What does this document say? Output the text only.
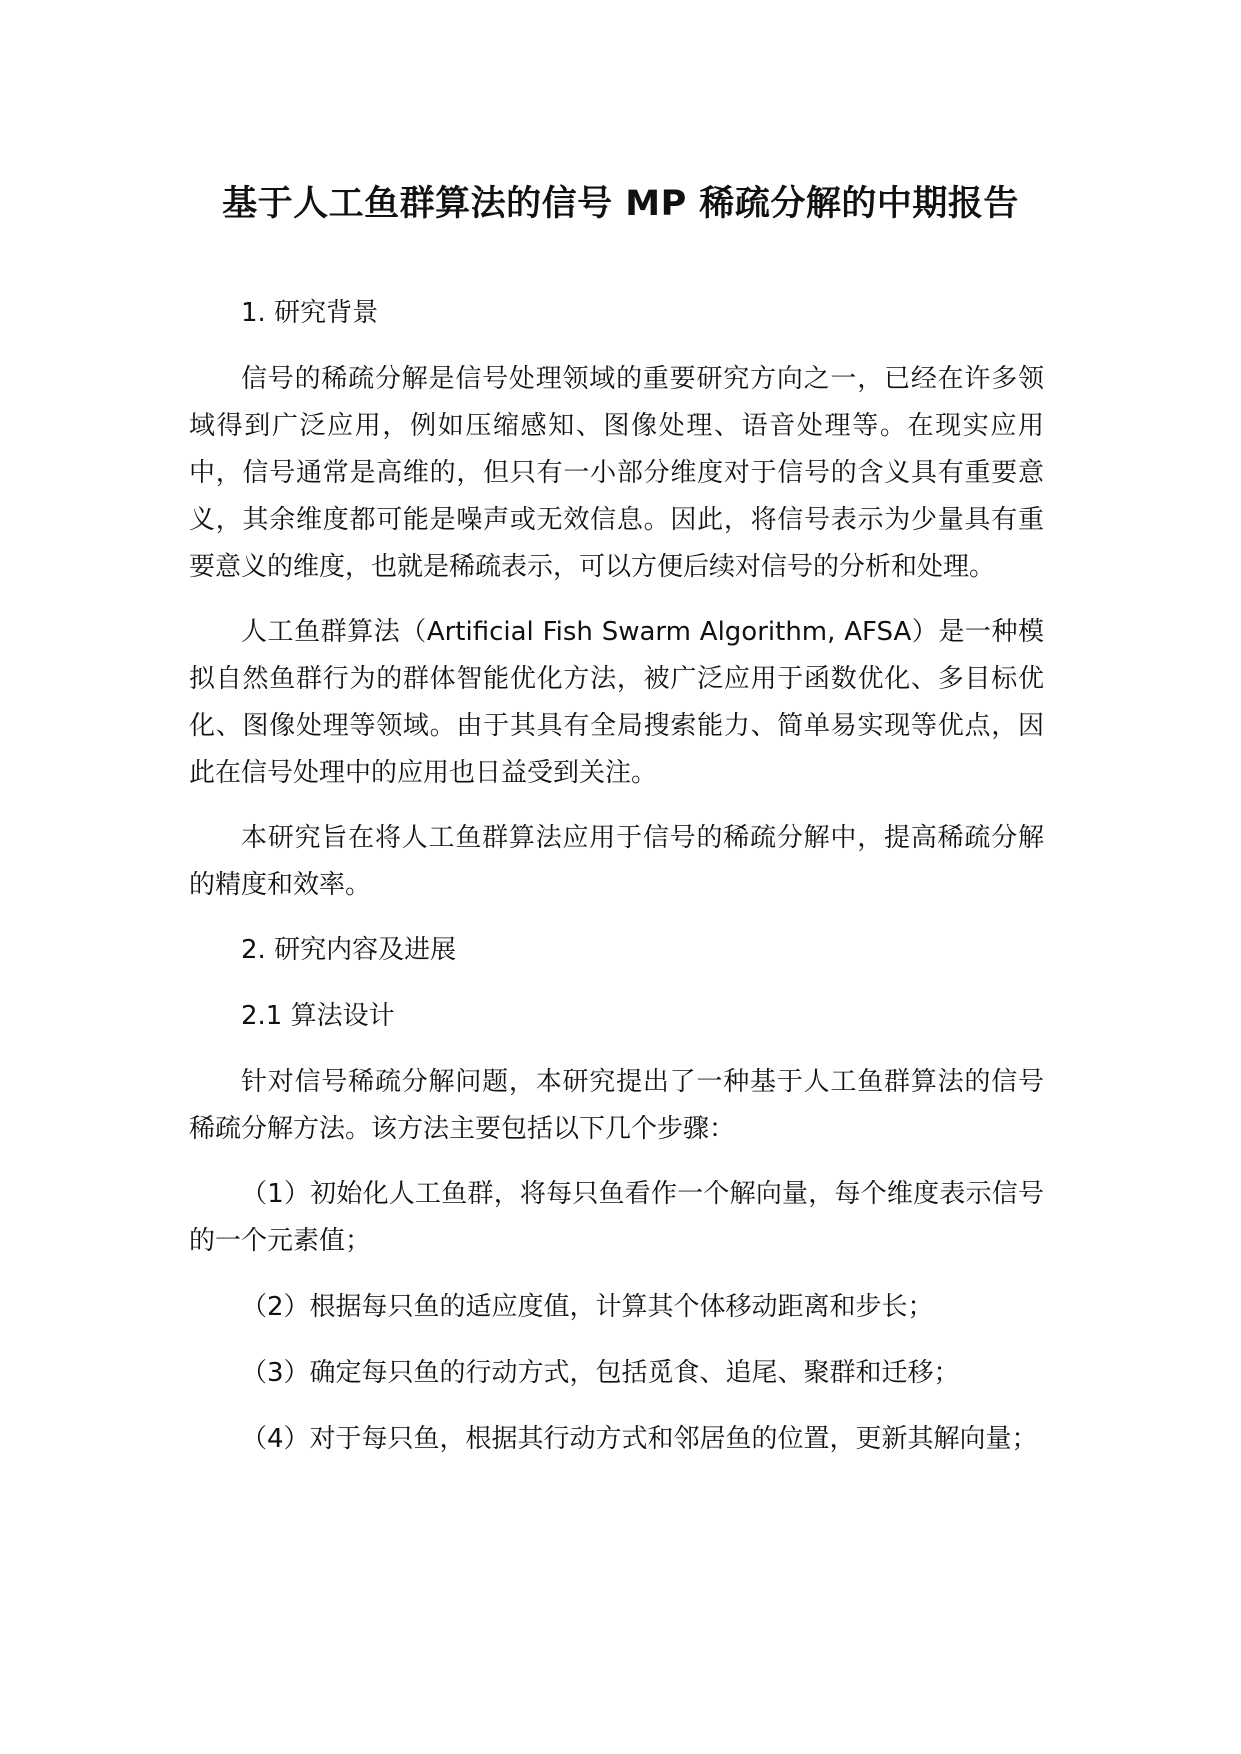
基于人工鱼群算法的信号 MP 稀疏分解的中期报告

1. 研究背景

信号的稀疏分解是信号处理领域的重要研究方向之一，已经在许多领域得到广泛应用，例如压缩感知、图像处理、语音处理等。在现实应用中，信号通常是高维的，但只有一小部分维度对于信号的含义具有重要意义，其余维度都可能是噪声或无效信息。因此，将信号表示为少量具有重要意义的维度，也就是稀疏表示，可以方便后续对信号的分析和处理。

人工鱼群算法（Artificial Fish Swarm Algorithm, AFSA）是一种模拟自然鱼群行为的群体智能优化方法，被广泛应用于函数优化、多目标优化、图像处理等领域。由于其具有全局搜索能力、简单易实现等优点，因此在信号处理中的应用也日益受到关注。

本研究旨在将人工鱼群算法应用于信号的稀疏分解中，提高稀疏分解的精度和效率。

2. 研究内容及进展

2.1 算法设计

针对信号稀疏分解问题，本研究提出了一种基于人工鱼群算法的信号稀疏分解方法。该方法主要包括以下几个步骤：

（1）初始化人工鱼群，将每只鱼看作一个解向量，每个维度表示信号的一个元素值；

（2）根据每只鱼的适应度值，计算其个体移动距离和步长；

（3）确定每只鱼的行动方式，包括觅食、追尾、聚群和迁移；

（4）对于每只鱼，根据其行动方式和邻居鱼的位置，更新其解向量；
